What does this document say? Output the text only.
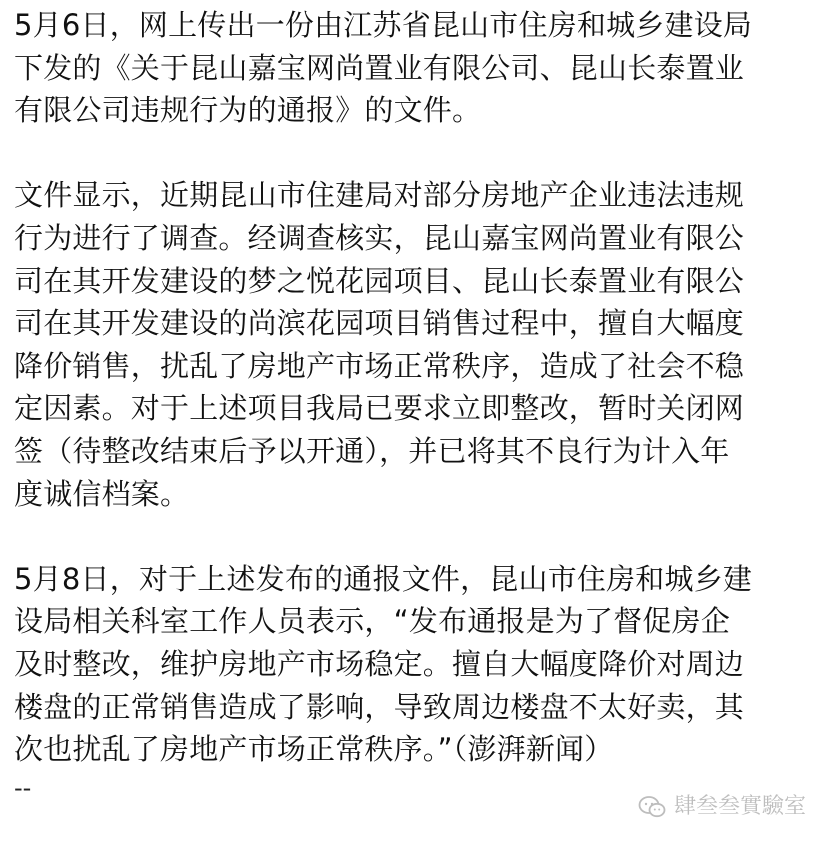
5月6日，网上传出一份由江苏省昆山市住房和城乡建设局
下发的《关于昆山嘉宝网尚置业有限公司、昆山长泰置业
有限公司违规行为的通报》的文件。

文件显示，近期昆山市住建局对部分房地产企业违法违规
行为进行了调查。经调查核实，昆山嘉宝网尚置业有限公
司在其开发建设的梦之悦花园项目、昆山长泰置业有限公
司在其开发建设的尚滨花园项目销售过程中，擅自大幅度
降价销售，扰乱了房地产市场正常秩序，造成了社会不稳
定因素。对于上述项目我局已要求立即整改，暂时关闭网
签（待整改结束后予以开通），并已将其不良行为计入年
度诚信档案。

5月8日，对于上述发布的通报文件，昆山市住房和城乡建
设局相关科室工作人员表示，“发布通报是为了督促房企
及时整改，维护房地产市场稳定。擅自大幅度降价对周边
楼盘的正常销售造成了影响，导致周边楼盘不太好卖，其
次也扰乱了房地产市场正常秩序。”（澎湃新闻）

--
肆叁叁實驗室
